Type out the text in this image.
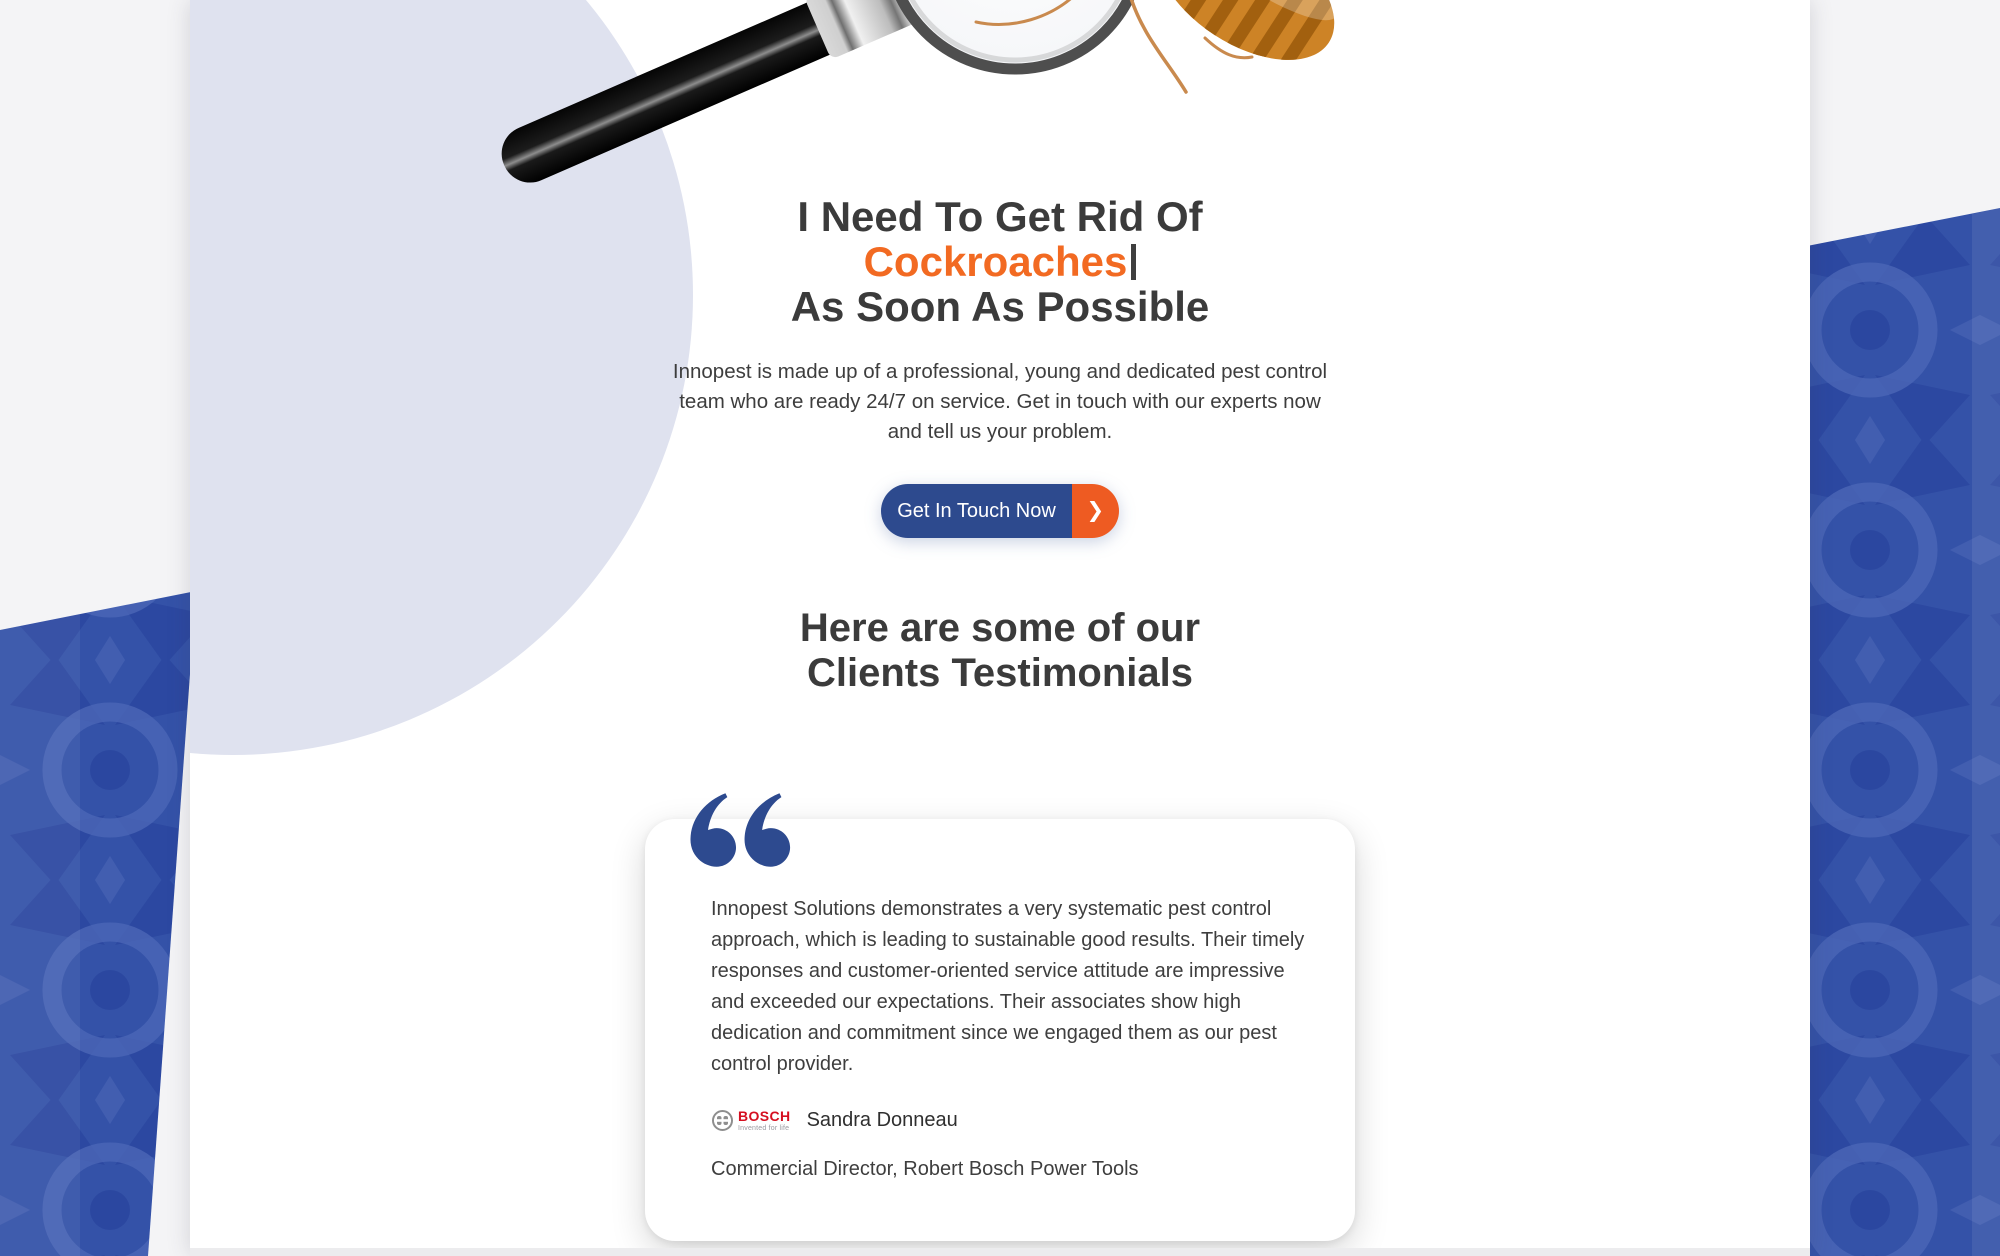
I Need To Get Rid Of
Cockroaches
As Soon As Possible

Innopest is made up of a professional, young and dedicated pest control team who are ready 24/7 on service. Get in touch with our experts now and tell us your problem.

Get In Touch Now	❯
Here are some of our
Clients Testimonials

Innopest Solutions demonstrates a very systematic pest control approach, which is leading to sustainable good results. Their timely responses and customer-oriented service attitude are impressive and exceeded our expectations. Their associates show high dedication and commitment since we engaged them as our pest control provider.

BOSCH
Invented for life Sandra Donneau
Commercial Director, Robert Bosch Power Tools
